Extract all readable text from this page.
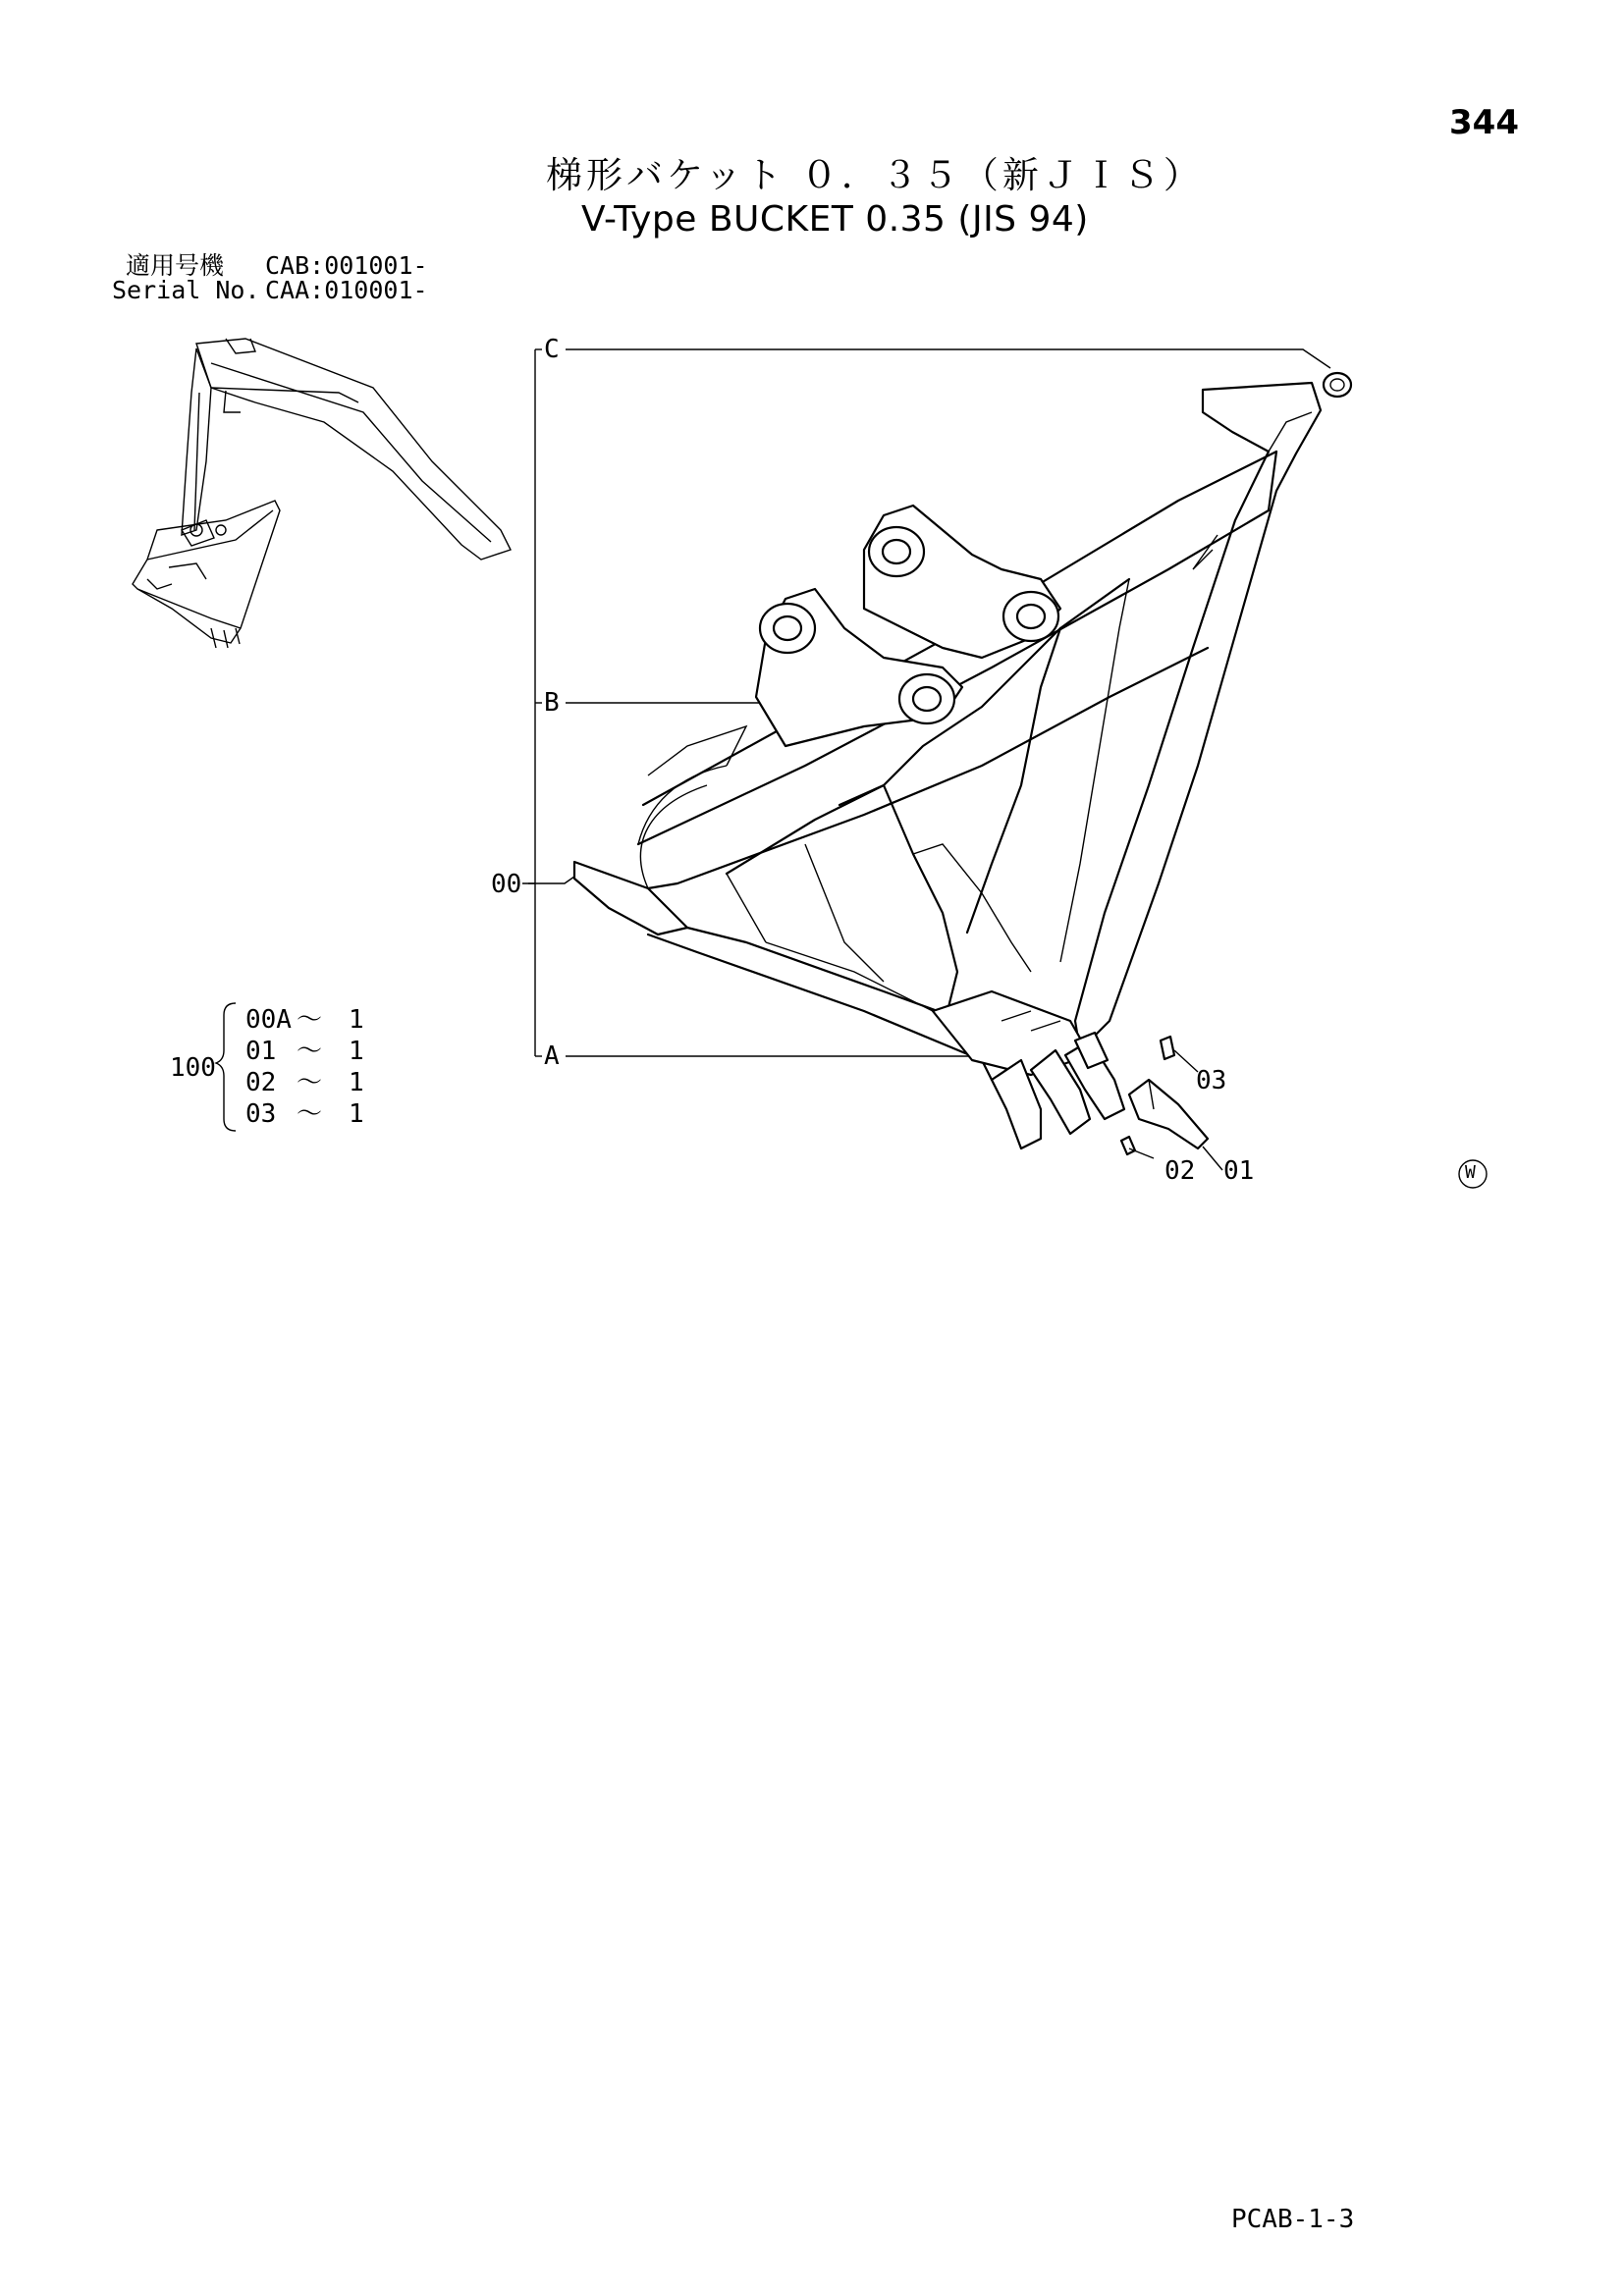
344
梯形バケット ０．３５（新ＪＩＳ）
V-Type BUCKET 0.35 (JIS 94)
適用号機 CAB:001001-
Serial No. CAA:010001-
C
B
00
A
03
02 01	W
100
00A ～ 1
01 ～ 1
02 ～ 1
03 ～ 1
PCAB-1-3
